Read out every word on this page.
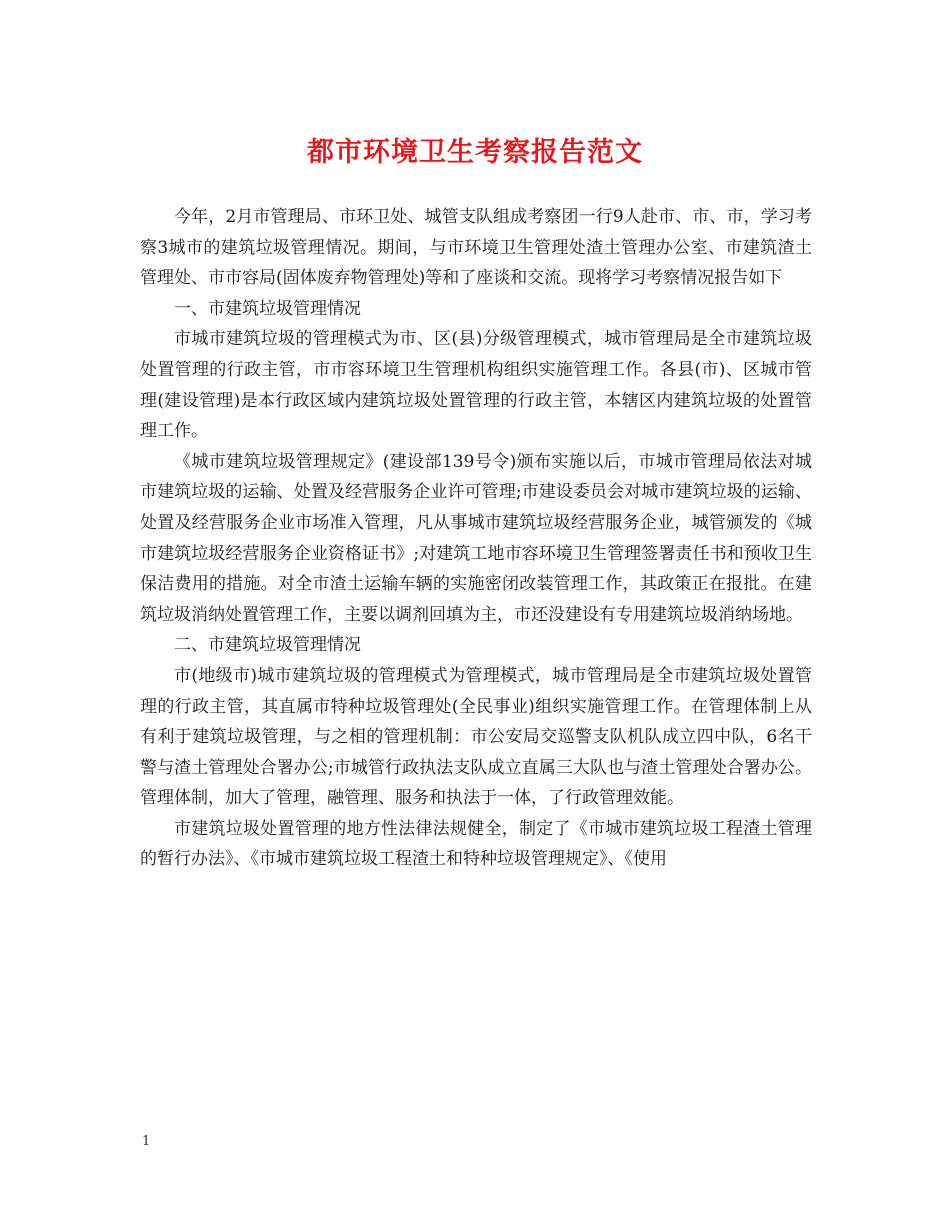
都市环境卫生考察报告范文

今年，2月市管理局、市环卫处、城管支队组成考察团一行9人赴市、市、市，学习考察3城市的建筑垃圾管理情况。期间，与市环境卫生管理处渣土管理办公室、市建筑渣土管理处、市市容局(固体废弃物管理处)等和了座谈和交流。现将学习考察情况报告如下

一、市建筑垃圾管理情况

市城市建筑垃圾的管理模式为市、区(县)分级管理模式，城市管理局是全市建筑垃圾处置管理的行政主管，市市容环境卫生管理机构组织实施管理工作。各县(市)、区城市管理(建设管理)是本行政区域内建筑垃圾处置管理的行政主管，本辖区内建筑垃圾的处置管理工作。

《城市建筑垃圾管理规定》(建设部139号令)颁布实施以后，市城市管理局依法对城市建筑垃圾的运输、处置及经营服务企业许可管理;市建设委员会对城市建筑垃圾的运输、处置及经营服务企业市场准入管理，凡从事城市建筑垃圾经营服务企业，城管颁发的《城市建筑垃圾经营服务企业资格证书》;对建筑工地市容环境卫生管理签署责任书和预收卫生保洁费用的措施。对全市渣土运输车辆的实施密闭改装管理工作，其政策正在报批。在建筑垃圾消纳处置管理工作，主要以调剂回填为主，市还没建设有专用建筑垃圾消纳场地。

二、市建筑垃圾管理情况

市(地级市)城市建筑垃圾的管理模式为管理模式，城市管理局是全市建筑垃圾处置管理的行政主管，其直属市特种垃圾管理处(全民事业)组织实施管理工作。在管理体制上从有利于建筑垃圾管理，与之相的管理机制：市公安局交巡警支队机队成立四中队，6名干警与渣土管理处合署办公;市城管行政执法支队成立直属三大队也与渣土管理处合署办公。管理体制，加大了管理，融管理、服务和执法于一体，了行政管理效能。

市建筑垃圾处置管理的地方性法律法规健全，制定了《市城市建筑垃圾工程渣土管理的暂行办法》、《市城市建筑垃圾工程渣土和特种垃圾管理规定》、《使用

1
